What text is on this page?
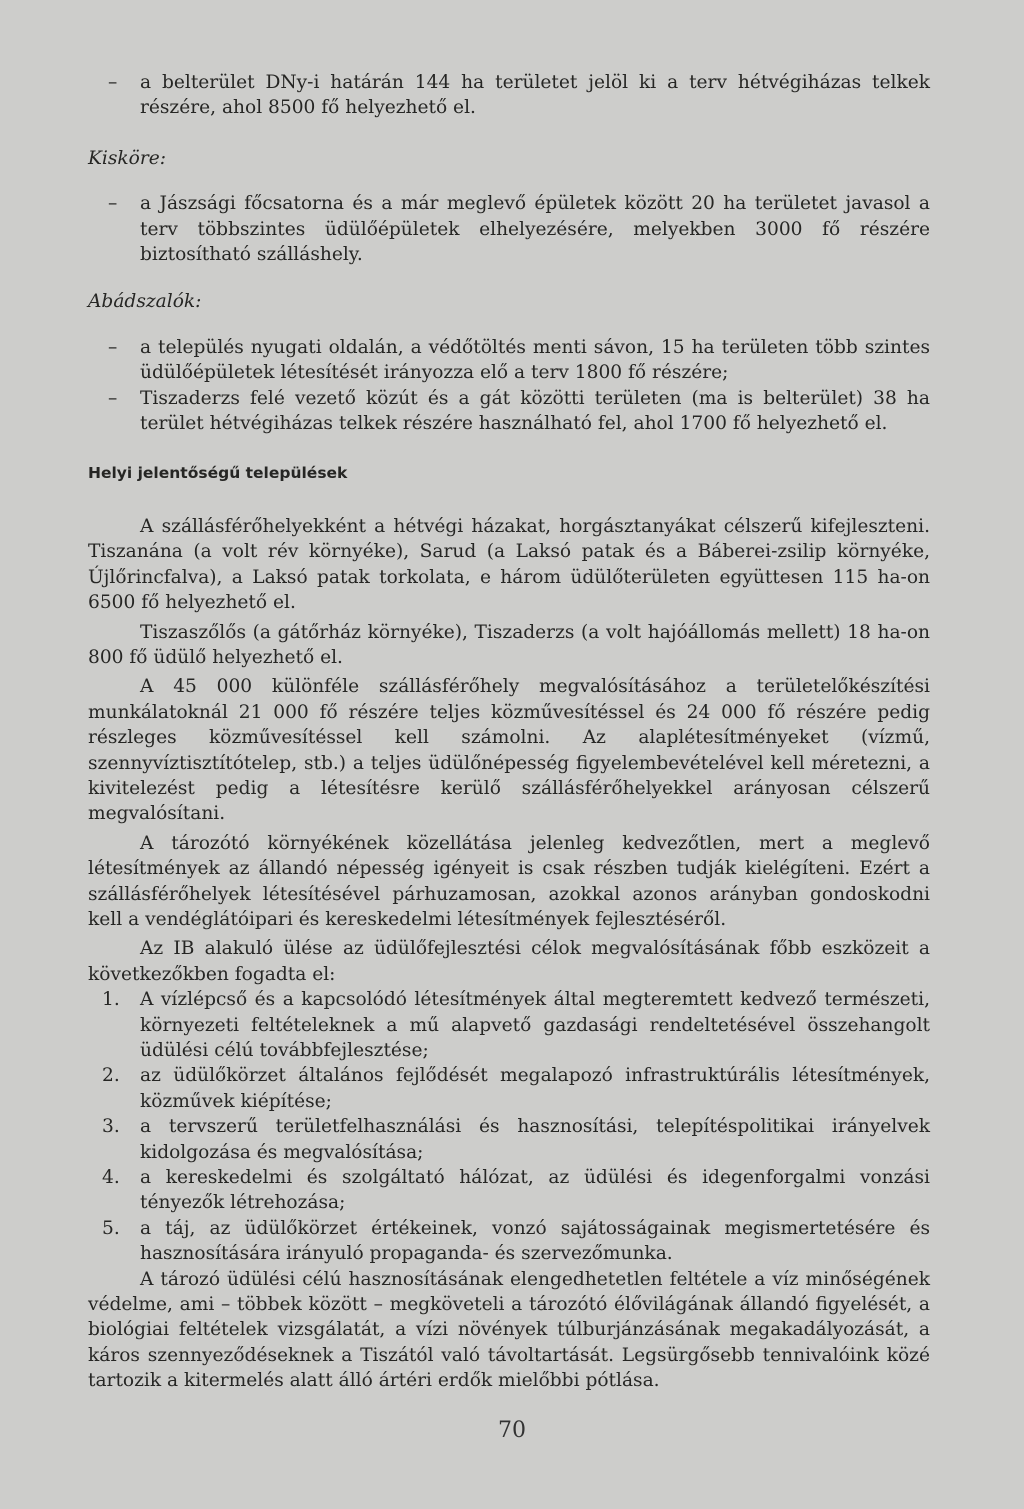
– a belterület DNy-i határán 144 ha területet jelöl ki a terv hétvégiházas telkek részére, ahol 8500 fő helyezhető el.

Kisköre:

– a Jászsági főcsatorna és a már meglevő épületek között 20 ha területet javasol a terv többszintes üdülőépületek elhelyezésére, melyekben 3000 fő részére biztosítható szálláshely.

Abádszalók:

– a település nyugati oldalán, a védőtöltés menti sávon, 15 ha területen több szintes üdülőépületek létesítését irányozza elő a terv 1800 fő részére;

– Tiszaderzs felé vezető közút és a gát közötti területen (ma is belterület) 38 ha terület hétvégiházas telkek részére használható fel, ahol 1700 fő helyezhető el.

Helyi jelentőségű települések

A szállásférőhelyekként a hétvégi házakat, horgásztanyákat célszerű kifejleszteni. Tiszanána (a volt rév környéke), Sarud (a Laksó patak és a Báberei-zsilip környéke, Újlőrincfalva), a Laksó patak torkolata, e három üdülőterületen együttesen 115 ha-on 6500 fő helyezhető el.

Tiszaszőlős (a gátőrház környéke), Tiszaderzs (a volt hajóállomás mellett) 18 ha-on 800 fő üdülő helyezhető el.

A 45 000 különféle szállásférőhely megvalósításához a területelőkészítési munkálatoknál 21 000 fő részére teljes közművesítéssel és 24 000 fő részére pedig részleges közművesítéssel kell számolni. Az alaplétesítményeket (vízmű, szennyvíztisztítótelep, stb.) a teljes üdülőnépesség figyelembevételével kell méretezni, a kivitelezést pedig a létesítésre kerülő szállásférőhelyekkel arányosan célszerű megvalósítani.

A tározótó környékének közellátása jelenleg kedvezőtlen, mert a meglevő létesítmények az állandó népesség igényeit is csak részben tudják kielégíteni. Ezért a szállásférőhelyek létesítésével párhuzamosan, azokkal azonos arányban gondoskodni kell a vendéglátóipari és kereskedelmi létesítmények fejlesztéséről.

Az IB alakuló ülése az üdülőfejlesztési célok megvalósításának főbb eszközeit a következőkben fogadta el:

1. A vízlépcső és a kapcsolódó létesítmények által megteremtett kedvező természeti, környezeti feltételeknek a mű alapvető gazdasági rendeltetésével összehangolt üdülési célú továbbfejlesztése;

2. az üdülőkörzet általános fejlődését megalapozó infrastruktúrális létesítmények, közművek kiépítése;

3. a tervszerű területfelhasználási és hasznosítási, telepítéspolitikai irányelvek kidolgozása és megvalósítása;

4. a kereskedelmi és szolgáltató hálózat, az üdülési és idegenforgalmi vonzási tényezők létrehozása;

5. a táj, az üdülőkörzet értékeinek, vonzó sajátosságainak megismertetésére és hasznosítására irányuló propaganda- és szervezőmunka.

A tározó üdülési célú hasznosításának elengedhetetlen feltétele a víz minőségének védelme, ami – többek között – megköveteli a tározótó élővilágának állandó figyelését, a biológiai feltételek vizsgálatát, a vízi növények túlburjánzásának megakadályozását, a káros szennyeződéseknek a Tiszától való távoltartását. Legsürgősebb tennivalóink közé tartozik a kitermelés alatt álló ártéri erdők mielőbbi pótlása.

70
